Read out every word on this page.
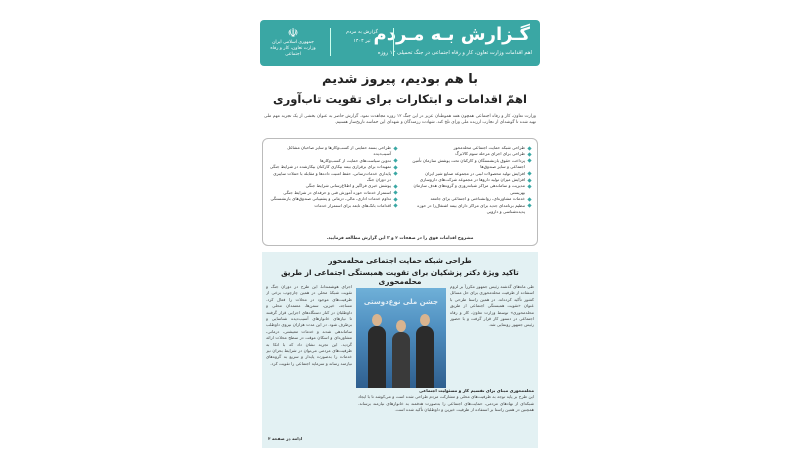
گـزارش بـه مـردم
اهم اقدامات وزارت تعاون، کار و رفاه اجتماعی در جنگ تحمیلی ۱۲ روزه
گزارش به مردم
تیر ۱۴۰۴
☫
جمهوری اسلامی ایران
وزارت تعاون، کار و رفاه اجتماعی
با هم بودیم، پیروز شدیم
اهمّ اقدامات و ابتکارات برای تقویت تاب‌آوری
وزارت تعاون، کار و رفاه اجتماعی همچون همه همو‌طنان عزیز در این جنگ ۱۲ روزه مجاهدت نمود. گزارش حاضر به عنوان بخشی از یک تجربه مهم ملی تهیه شده تا گوشه‌ای از تجارب ارزنده ملی ورای تلخ کند. شهادت رزمندگان و شهدای این حماسه تاریخ‌ساز هستیم.
طراحی شبکه حمایت اجتماعی محله‌محور
طراحی برای اجرای مرحله سوم کالابرگ
پرداخت حقوق بازنشستگان و کارکنان تحت پوشش سازمان تأمین اجتماعی و سایر صندوق‌ها
افزایش تولید محصولات لبنی در مجموعه صنایع شیر ایران
افزایش میزان تولید داروها در مجموعه شرکت‌های داروسازی
مدیریت و ساماندهی مراکز شبانه‌روزی و گروه‌های هدف سازمان بهزیستی
خدمات مشاوره‌ای، روانشناختی و اجتماعی برای جامعه
تنظیم برنامه‌ای جدید برای مراکز دارای بیمه اشتغال‌زا در حوزه پدیده‌شناسی و دارویی
طراحی بسته حمایتی از کسب‌وکارها و سایر صاحبان مشاغل آسیب‌دیده
تدوین سیاست‌های حمایت از کسب‌وکارها
تمهیدات برای برقراری بیمه بیکاری کارکنان بیکارشده در شرایط جنگی
پایداری خدمات‌رسانی، حفظ امنیت داده‌ها و مقابله با حملات سایبری در دوران جنگ
پوشش خبری فراگیر و اطلاع‌رسانی شرایط جنگی
استمرار خدمات حوزه آموزش فنی و حرفه‌ای در شرایط جنگی
تداوم خدمات اداری، مالی، درمانی و پشتیبانی صندوق‌های بازنشستگی
اقدامات بانک‌های تابعه برای استمرار خدمات
مشروح اقدامات فوق را در صفحات ۲ و ۳ این گزارش مطالعه فرمایید.
طراحی شبکه حمایت اجتماعی محله‌محور
تاکید ویژهٔ دکتر پزشکیان برای تقویت همبستگی اجتماعی از طریق محله‌محوری
طی ماه‌های گذشته رئیس جمهور مکرراً بر لزوم استفاده از ظرفیت محله‌محوری برای حل مسائل کشور تأکید کرده‌اند. در همین راستا طرحی با عنوان «تقویت همبستگی اجتماعی از طریق محله‌محوری» توسط وزارت تعاون، کار و رفاه اجتماعی در دستور کار قرار گرفت و با حضور رئیس جمهور رونمایی شد.
جشن ملی نوع‌دوستی
اجرای هوشمندانهٔ این طرح در دوران جنگ و تقویت شبکهٔ محلی در همین چارچوب برخی از ظرفیت‌های موجود در محلات را فعال کرد. مساجد، خیرین، سمن‌ها، معتمدان محلی و داوطلبان در کنار دستگاه‌های اجرایی قرار گرفتند تا نیازهای خانوارهای آسیب‌دیده شناسایی و برطرف شود. در این مدت هزاران نیروی داوطلب ساماندهی شدند و خدمات معیشتی، درمانی، مشاوره‌ای و اسکان موقت در سطح محلات ارائه گردید. این تجربه نشان داد که با اتکا به ظرفیت‌های مردمی می‌توان در شرایط بحران نیز خدمات را به‌صورت پایدار و سریع به گروه‌های نیازمند رساند و سرمایه اجتماعی را تقویت کرد.
محله‌محوری مبنای برای تقسیم کار و مسئولیت اجتماعی
این طرح بر پایه توجه به ظرفیت‌های محلی و مشارکت مردم طراحی شده است و می‌کوشد تا با ایجاد شبکه‌ای از نهادهای مردمی، حمایت‌های اجتماعی را به‌صورت هدفمند به خانوارهای نیازمند برساند. همچنین در همین راستا بر استفاده از ظرفیت خیرین و داوطلبان تأکید شده است.
ادامه در صفحه ۳
